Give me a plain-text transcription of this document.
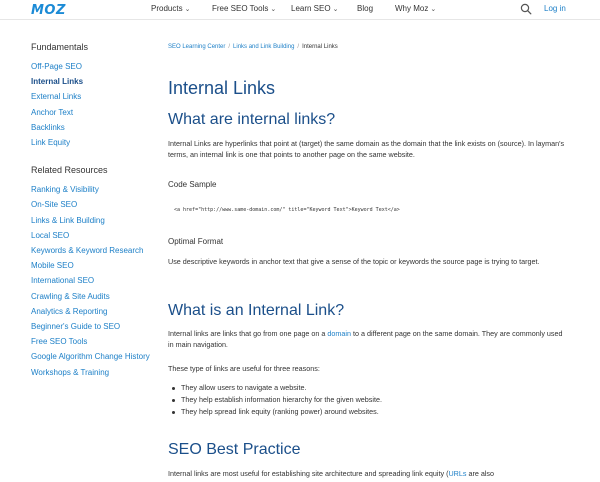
MOZ	Products ⌄	Free SEO Tools ⌄ Learn SEO ⌄ Blog	Why Moz ⌄	Log in
Fundamentals
Off-Page SEO
Internal Links
External Links
Anchor Text
Backlinks
Link Equity
Related Resources
Ranking & Visibility
On-Site SEO
Links & Link Building
Local SEO
Keywords & Keyword Research
Mobile SEO
International SEO
Crawling & Site Audits
Analytics & Reporting
Beginner's Guide to SEO
Free SEO Tools
Google Algorithm Change History
Workshops & Training
SEO Learning Center / Links and Link Building / Internal Links
Internal Links
What are internal links?

Internal Links are hyperlinks that point at (target) the same domain as the domain that the link exists on (source). In layman's terms, an internal link is one that points to another page on the same website.

Code Sample
<a href="http://www.same-domain.com/" title="Keyword Text">Keyword Text</a>
Optimal Format

Use descriptive keywords in anchor text that give a sense of the topic or keywords the source page is trying to target.

What is an Internal Link?

Internal links are links that go from one page on a domain to a different page on the same domain. They are commonly used in main navigation.

These type of links are useful for three reasons:

They allow users to navigate a website.
They help establish information hierarchy for the given website.
They help spread link equity (ranking power) around websites.
SEO Best Practice

Internal links are most useful for establishing site architecture and spreading link equity (URLs are also
